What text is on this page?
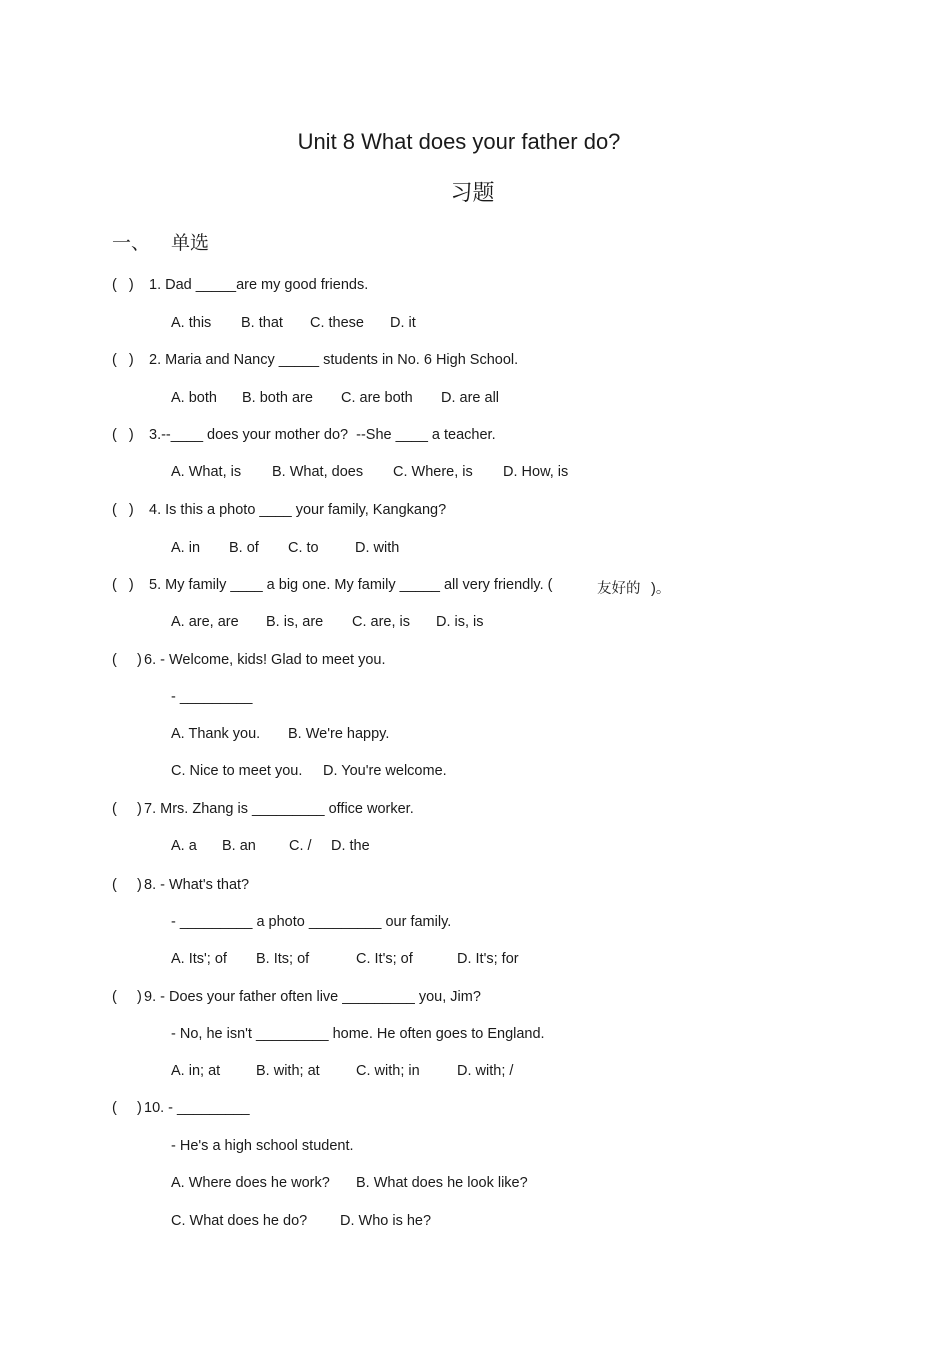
Unit 8 What does your father do?
习题
一、 单选
(   ) 1. Dad _____are my good friends.
A. this B. that C. these D. it
(   ) 2. Maria and Nancy _____ students in No. 6 High School.
A. both B. both are C. are both D. are all
(   ) 3.--____ does your mother do?  --She ____ a teacher.
A. What, is B. What, does C. Where, is D. How, is
(   ) 4. Is this a photo ____ your family, Kangkang?
A. in B. of C. to	D. with
(   ) 5. My family ____ a big one. My family _____ all very friendly. (	友好的 )。
A. are, are B. is, are C. are, is D. is, is
(     ) 6. - Welcome, kids! Glad to meet you.
- _________
A. Thank you. B. We're happy.
C. Nice to meet you. D. You're welcome.
(     ) 7. Mrs. Zhang is _________ office worker.
A. a B. an C. / D. the
(     ) 8. - What's that?
- _________ a photo _________ our family.
A. Its'; of B. Its; of	C. It's; of	D. It's; for
(     ) 9. - Does your father often live _________ you, Jim?
- No, he isn't _________ home. He often goes to England.
A. in; at B. with; at	C. with; in	D. with; /
(     ) 10. - _________
- He's a high school student.
A. Where does he work? B. What does he look like?
C. What does he do? D. Who is he?
